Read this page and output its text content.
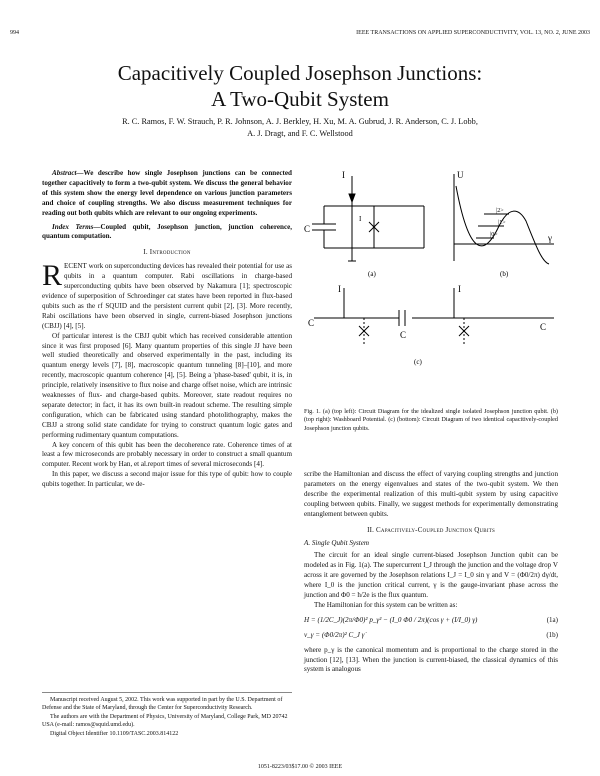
994	IEEE TRANSACTIONS ON APPLIED SUPERCONDUCTIVITY, VOL. 13, NO. 2, JUNE 2003
Capacitively Coupled Josephson Junctions:
A Two-Qubit System
R. C. Ramos, F. W. Strauch, P. R. Johnson, A. J. Berkley, H. Xu, M. A. Gubrud, J. R. Anderson, C. J. Lobb,
A. J. Dragt, and F. C. Wellstood

Abstract—We describe how single Josephson junctions can be connected together capacitively to form a two-qubit system. We discuss the general behavior of this system show the energy level dependence on various junction parameters and choice of coupling strengths. We also discuss measurement techniques for reading out both qubits which are relevant to our ongoing experiments.

Index Terms—Coupled qubit, Josephson junction, junction coherence, quantum computation.

I. Introduction

RECENT work on superconducting devices has revealed their potential for use as qubits in a quantum computer. Rabi oscillations in charge-based superconducting qubits have been observed by Nakamura [1]; spectroscopic evidence of superposition of Schroedinger cat states have been reported in flux-based qubits such as the rf SQUID and the persistent current qubit [2], [3]. More recently, Rabi oscillations have been observed in single, current-biased Josephson junctions (CBJJ) [4], [5].

Of particular interest is the CBJJ qubit which has received considerable attention since it was first proposed [6]. Many quantum properties of this single JJ have been well studied theoretically and observed experimentally in the past, including its quantum energy levels [7], [8], macroscopic quantum tunneling [8]–[10], and more recently, macroscopic quantum coherence [4], [5]. Being a 'phase-based' qubit, it is, in principle, relatively insensitive to flux noise and charge offset noise, which are intrinsic weaknesses of flux- and charge-based qubits. Moreover, state readout requires no separate detector; in fact, it has its own built-in readout scheme. The resulting simple configuration, which can be fabricated using standard photolithography, makes the CBJJ a strong solid state candidate for trying to construct quantum logic gates and performing rudimentary quantum computations.

A key concern of this qubit has been the decoherence rate. Coherence times of at least a few microseconds are probably necessary in order to construct a small quantum computer. Recent work by Han, et al.report times of several microseconds [4].

In this paper, we discuss a second major issue for this type of qubit: how to couple qubits together. In particular, we de-

Manuscript received August 5, 2002. This work was supported in part by the U.S. Department of Defense and the State of Maryland, through the Center for Superconductivity Research.

The authors are with the Department of Physics, University of Maryland, College Park, MD 20742 USA (e-mail: ramos@squid.umd.edu).

Digital Object Identifier 10.1109/TASC.2003.814122

I
C
I
(a)
U
γ
|2>
|1>
|0>
(b)
I	I
C
C
C
(c)
Fig. 1. (a) (top left): Circuit Diagram for the idealized single isolated Josephson junction qubit. (b) (top right): Washboard Potential. (c) (bottom): Circuit Diagram of two identical capacitively-coupled Josephson junction qubits.

scribe the Hamiltonian and discuss the effect of varying coupling strengths and junction parameters on the energy eigenvalues and states of the two-qubit system. We then describe the experimental realization of this multi-qubit system by using capacitive coupling between qubits. Finally, we suggest methods for experimentally demonstrating entanglement between qubits.

II. Capacitively-Coupled Junction Qubits
A. Single Qubit System

The circuit for an ideal single current-biased Josephson Junction qubit can be modeled as in Fig. 1(a). The supercurrent I_J through the junction and the voltage drop V across it are governed by the Josephson relations I_J = I_0 sin γ and V = (Φ0/2π) dγ/dt, where I_0 is the junction critical current, γ is the gauge-invariant phase across the junction and Φ0 = h/2e is the flux quantum.

The Hamiltonian for this system can be written as:

H = (1/2C_J)(2π/Φ0)² p_γ² − (I_0 Φ0 / 2π)(cos γ + (I/I_0) γ)	(1a)
ν_γ = (Φ0/2π)² C_J γ̇	(1b)

where p_γ is the canonical momentum and is proportional to the charge stored in the junction [12], [13]. When the junction is current-biased, the classical dynamics of this system is analogous

1051-8223/03$17.00 © 2003 IEEE
